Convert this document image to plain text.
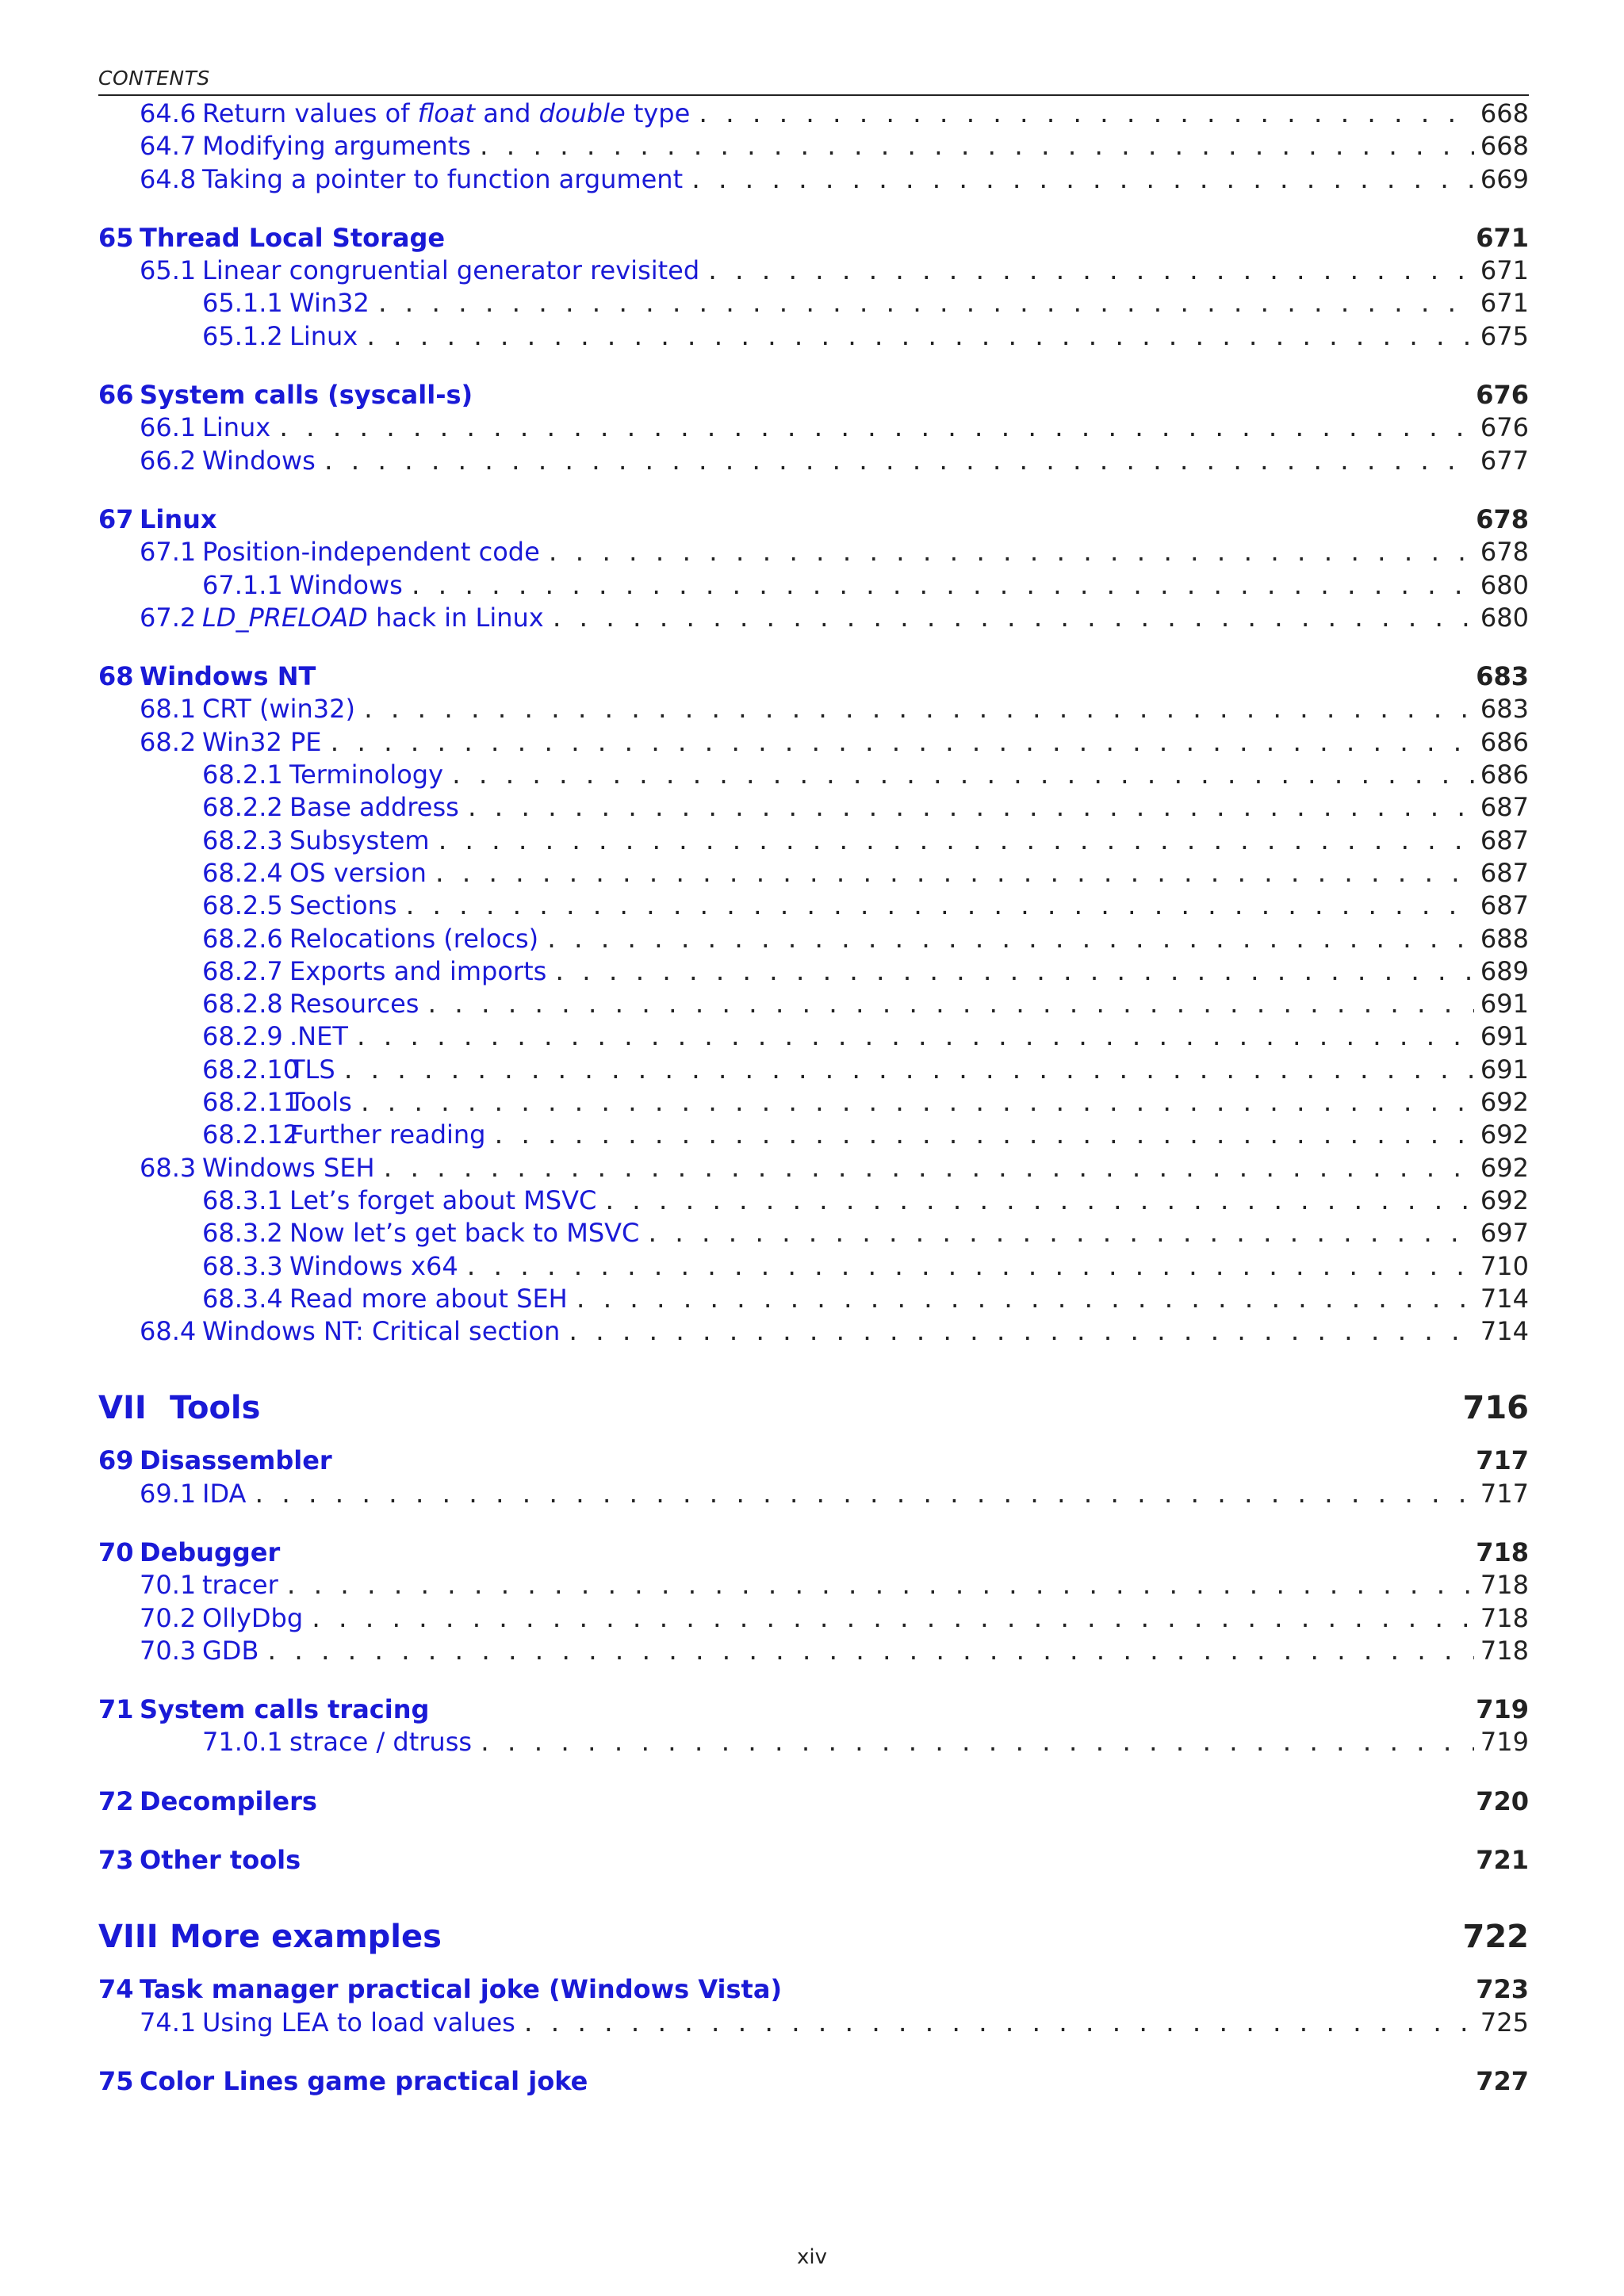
CONTENTS
64.6 Return values of float and double type . . .	668
64.7 Modifying arguments . . .	668
64.8 Taking a pointer to function argument . . .	669
65 Thread Local Storage	671
65.1 Linear congruential generator revisited . . .	671
65.1.1 Win32 . . .	671
65.1.2 Linux . . .	675
66 System calls (syscall-s)	676
66.1 Linux . . .	676
66.2 Windows . . .	677
67 Linux	678
67.1 Position-independent code . . .	678
67.1.1 Windows . . .	680
67.2 LD_PRELOAD hack in Linux . . .	680
68 Windows NT	683
68.1 CRT (win32) . . .	683
68.2 Win32 PE . . .	686
68.2.1 Terminology . . .	686
68.2.2 Base address . . .	687
68.2.3 Subsystem . . .	687
68.2.4 OS version . . .	687
68.2.5 Sections . . .	687
68.2.6 Relocations (relocs) . . .	688
68.2.7 Exports and imports . . .	689
68.2.8 Resources . . .	691
68.2.9 .NET . . .	691
68.2.10TLS . . .	691
68.2.11Tools . . .	692
68.2.12Further reading . . .	692
68.3 Windows SEH . . .	692
68.3.1 Let’s forget about MSVC . . .	692
68.3.2 Now let’s get back to MSVC . . .	697
68.3.3 Windows x64 . . .	710
68.3.4 Read more about SEH . . .	714
68.4 Windows NT: Critical section . . .	714
VII Tools	716
69 Disassembler	717
69.1 IDA . . .	717
70 Debugger	718
70.1 tracer . . .	718
70.2 OllyDbg . . .	718
70.3 GDB . . .	718
71 System calls tracing	719
71.0.1 strace / dtruss . . .	719
72 Decompilers	720
73 Other tools	721
VIII More examples	722
74 Task manager practical joke (Windows Vista)	723
74.1 Using LEA to load values . . .	725
75 Color Lines game practical joke	727
xiv
